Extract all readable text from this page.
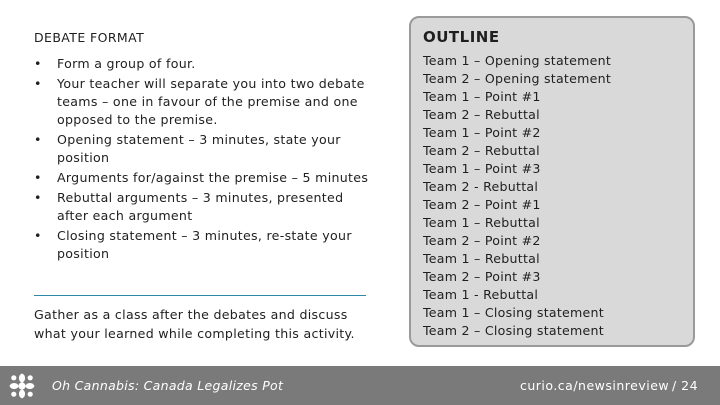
DEBATE FORMAT
• Form a group of four.
• Your teacher will separate you into two debate teams – one in favour of the premise and one opposed to the premise.
• Opening statement – 3 minutes, state your position
• Arguments for/against the premise – 5 minutes
• Rebuttal arguments – 3 minutes, presented after each argument
• Closing statement – 3 minutes, re-state your position
Gather as a class after the debates and discuss what your learned while completing this activity.
OUTLINE
Team 1 – Opening statement
Team 2 – Opening statement
Team 1 – Point #1
Team 2 – Rebuttal
Team 1 – Point #2
Team 2 – Rebuttal
Team 1 – Point #3
Team 2 - Rebuttal
Team 2 – Point #1
Team 1 – Rebuttal
Team 2 – Point #2
Team 1 – Rebuttal
Team 2 – Point #3
Team 1 - Rebuttal
Team 1 – Closing statement
Team 2 – Closing statement
Oh Cannabis: Canada Legalizes Pot	curio.ca/newsinreview / 24
